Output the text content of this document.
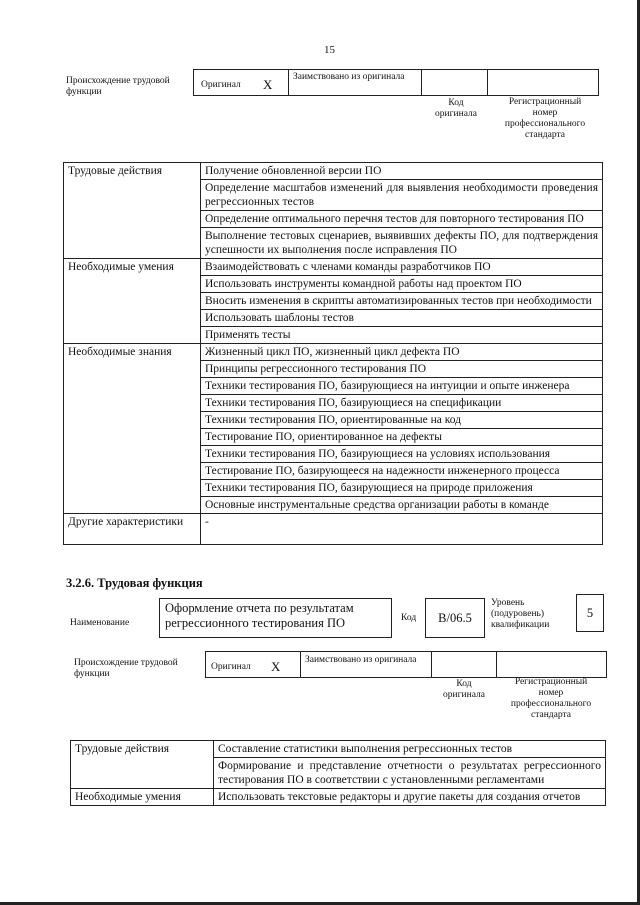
15
Происхождение трудовой функции
Оригинал X Заимствовано из оригинала
Код оригинала
Регистрационный номер профессионального стандарта
Трудовые действия	Получение обновленной версии ПО
	Определение масштабов изменений для выявления необходимости проведения регрессионных тестов
	Определение оптимального перечня тестов для повторного тестирования ПО
	Выполнение тестовых сценариев, выявивших дефекты ПО, для подтверждения успешности их выполнения после исправления ПО
Необходимые умения	Взаимодействовать с членами команды разработчиков ПО
	Использовать инструменты командной работы над проектом ПО
	Вносить изменения в скрипты автоматизированных тестов при необходимости
	Использовать шаблоны тестов
	Применять тесты
Необходимые знания	Жизненный цикл ПО, жизненный цикл дефекта ПО
	Принципы регрессионного тестирования ПО
	Техники тестирования ПО, базирующиеся на интуиции и опыте инженера
	Техники тестирования ПО, базирующиеся на спецификации
	Техники тестирования ПО, ориентированные на код
	Тестирование ПО, ориентированное на дефекты
	Техники тестирования ПО, базирующиеся на условиях использования
	Тестирование ПО, базирующееся на надежности инженерного процесса
	Техники тестирования ПО, базирующиеся на природе приложения
	Основные инструментальные средства организации работы в команде
Другие характеристики	-
3.2.6. Трудовая функция
Наименование
Оформление отчета по результатам регрессионного тестирования ПО	Код	B/06.5
Уровень (подуровень) квалификации
5
Происхождение трудовой функции
Оригинал X	Заимствовано из оригинала
Код оригинала
Регистрационный номер профессионального стандарта
Трудовые действия	Составление статистики выполнения регрессионных тестов
	Формирование и представление отчетности о результатах регрессионного тестирования ПО в соответствии с установленными регламентами
Необходимые умения	Использовать текстовые редакторы и другие пакеты для создания отчетов
